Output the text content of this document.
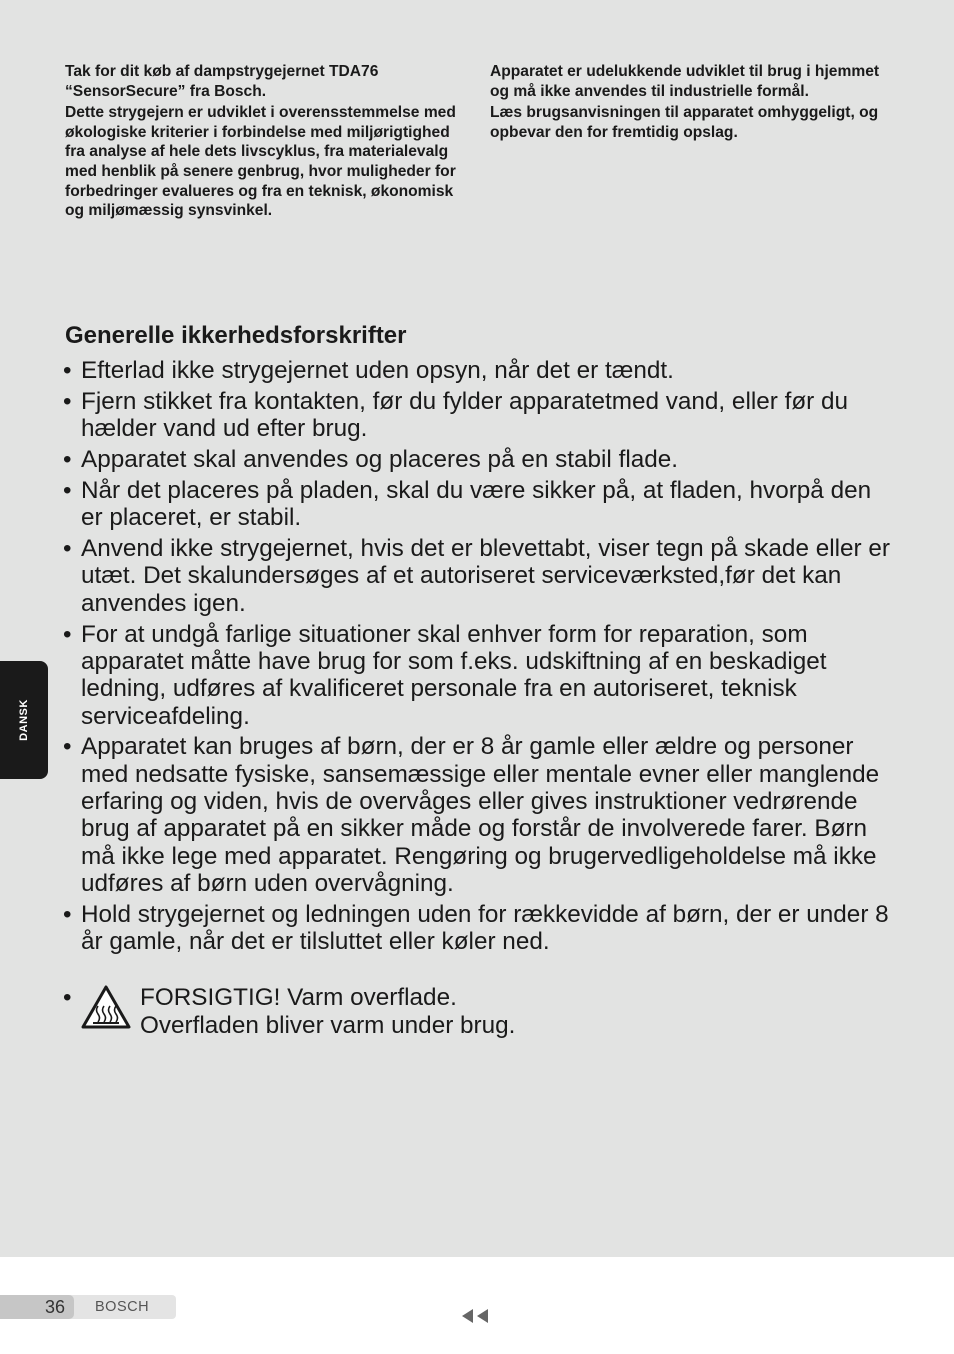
Tak for dit køb af dampstrygejernet TDA76 “SensorSecure” fra Bosch.

Dette strygejern er udviklet i overensstemmelse med økologiske kriterier i forbindelse med miljørigtighed fra analyse af hele dets livscyklus, fra materialevalg med henblik på senere genbrug, hvor muligheder for forbedringer evalueres og fra en teknisk, økonomisk og miljømæssig synsvinkel.

Apparatet er udelukkende udviklet til brug i hjemmet og må ikke anvendes til industrielle formål.

Læs brugsanvisningen til apparatet omhyggeligt, og opbevar den for fremtidig opslag.

Generelle ikkerhedsforskrifter
• Efterlad ikke strygejernet uden opsyn, når det er tændt.
• Fjern stikket fra kontakten, før du fylder apparatetmed vand, eller før du hælder vand ud efter brug.
• Apparatet skal anvendes og placeres på en stabil flade.
• Når det placeres på pladen, skal du være sikker på, at fladen, hvorpå den er placeret, er stabil.
• Anvend ikke strygejernet, hvis det er blevettabt, viser tegn på skade eller er utæt. Det skalundersøges af et autoriseret serviceværksted,før det kan anvendes igen.
• For at undgå farlige situationer skal enhver form for reparation, som apparatet måtte have brug for som f.eks. udskiftning af en beskadiget ledning, udføres af kvalificeret personale fra en autoriseret, teknisk serviceafdeling.
• Apparatet kan bruges af børn, der er 8 år gamle eller ældre og personer med nedsatte fysiske, sansemæssige eller mentale evner eller manglende erfaring og viden, hvis de overvåges eller gives instruktioner vedrørende brug af apparatet på en sikker måde og forstår de involverede farer. Børn må ikke lege med apparatet. Rengøring og brugervedligeholdelse må ikke udføres af børn uden overvågning.
• Hold strygejernet og ledningen uden for rækkevidde af børn, der er under 8 år gamle, når det er tilsluttet eller køler ned.
•	FORSIGTIG! Varm overflade.
Overfladen bliver varm under brug.
DANSK
36	BOSCH
